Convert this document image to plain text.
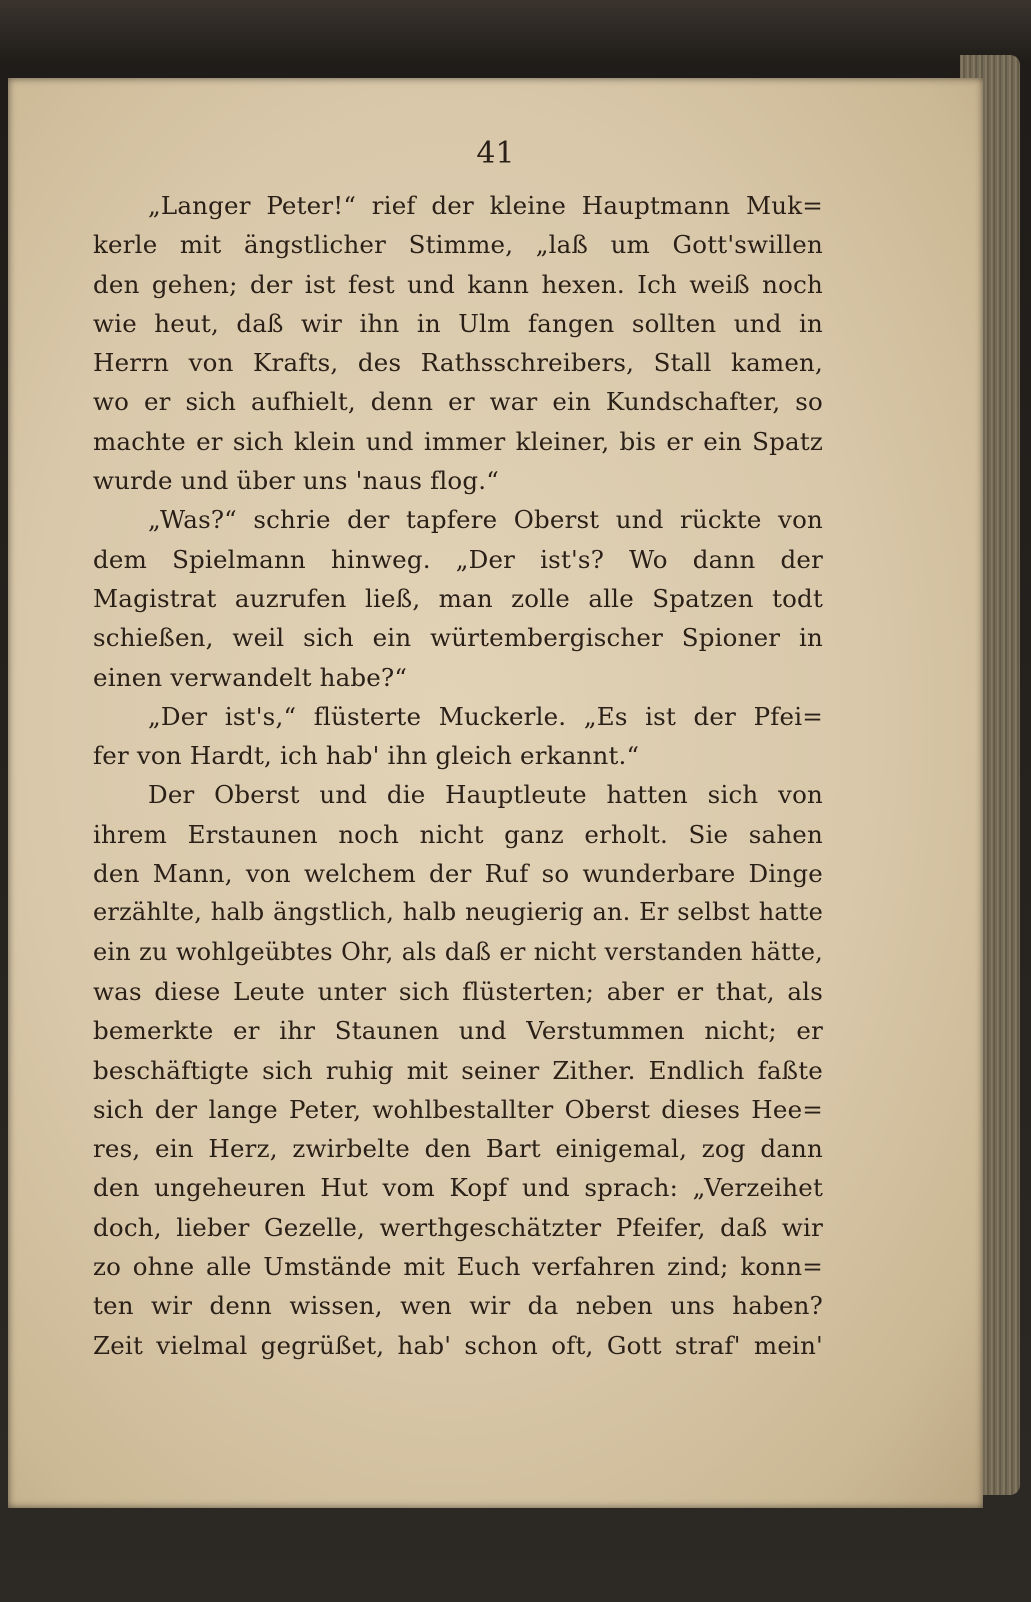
41
„Langer Peter!“ rief der kleine Hauptmann Muk=
kerle mit ängstlicher Stimme, „laß um Gott'swillen
den gehen; der ist fest und kann hexen. Ich weiß noch
wie heut, daß wir ihn in Ulm fangen sollten und in
Herrn von Krafts, des Rathsschreibers, Stall kamen,
wo er sich aufhielt, denn er war ein Kundschafter, so
machte er sich klein und immer kleiner, bis er ein Spatz
wurde und über uns 'naus flog.“
„Was?“ schrie der tapfere Oberst und rückte von
dem Spielmann hinweg. „Der ist's? Wo dann der
Magistrat auzrufen ließ, man zolle alle Spatzen todt
schießen, weil sich ein würtembergischer Spioner in
einen verwandelt habe?“
„Der ist's,“ flüsterte Muckerle. „Es ist der Pfei=
fer von Hardt, ich hab' ihn gleich erkannt.“
Der Oberst und die Hauptleute hatten sich von
ihrem Erstaunen noch nicht ganz erholt. Sie sahen
den Mann, von welchem der Ruf so wunderbare Dinge
erzählte, halb ängstlich, halb neugierig an. Er selbst hatte
ein zu wohlgeübtes Ohr, als daß er nicht verstanden hätte,
was diese Leute unter sich flüsterten; aber er that, als
bemerkte er ihr Staunen und Verstummen nicht; er
beschäftigte sich ruhig mit seiner Zither. Endlich faßte
sich der lange Peter, wohlbestallter Oberst dieses Hee=
res, ein Herz, zwirbelte den Bart einigemal, zog dann
den ungeheuren Hut vom Kopf und sprach: „Verzeihet
doch, lieber Gezelle, werthgeschätzter Pfeifer, daß wir
zo ohne alle Umstände mit Euch verfahren zind; konn=
ten wir denn wissen, wen wir da neben uns haben?
Zeit vielmal gegrüßet, hab' schon oft, Gott straf' mein'
